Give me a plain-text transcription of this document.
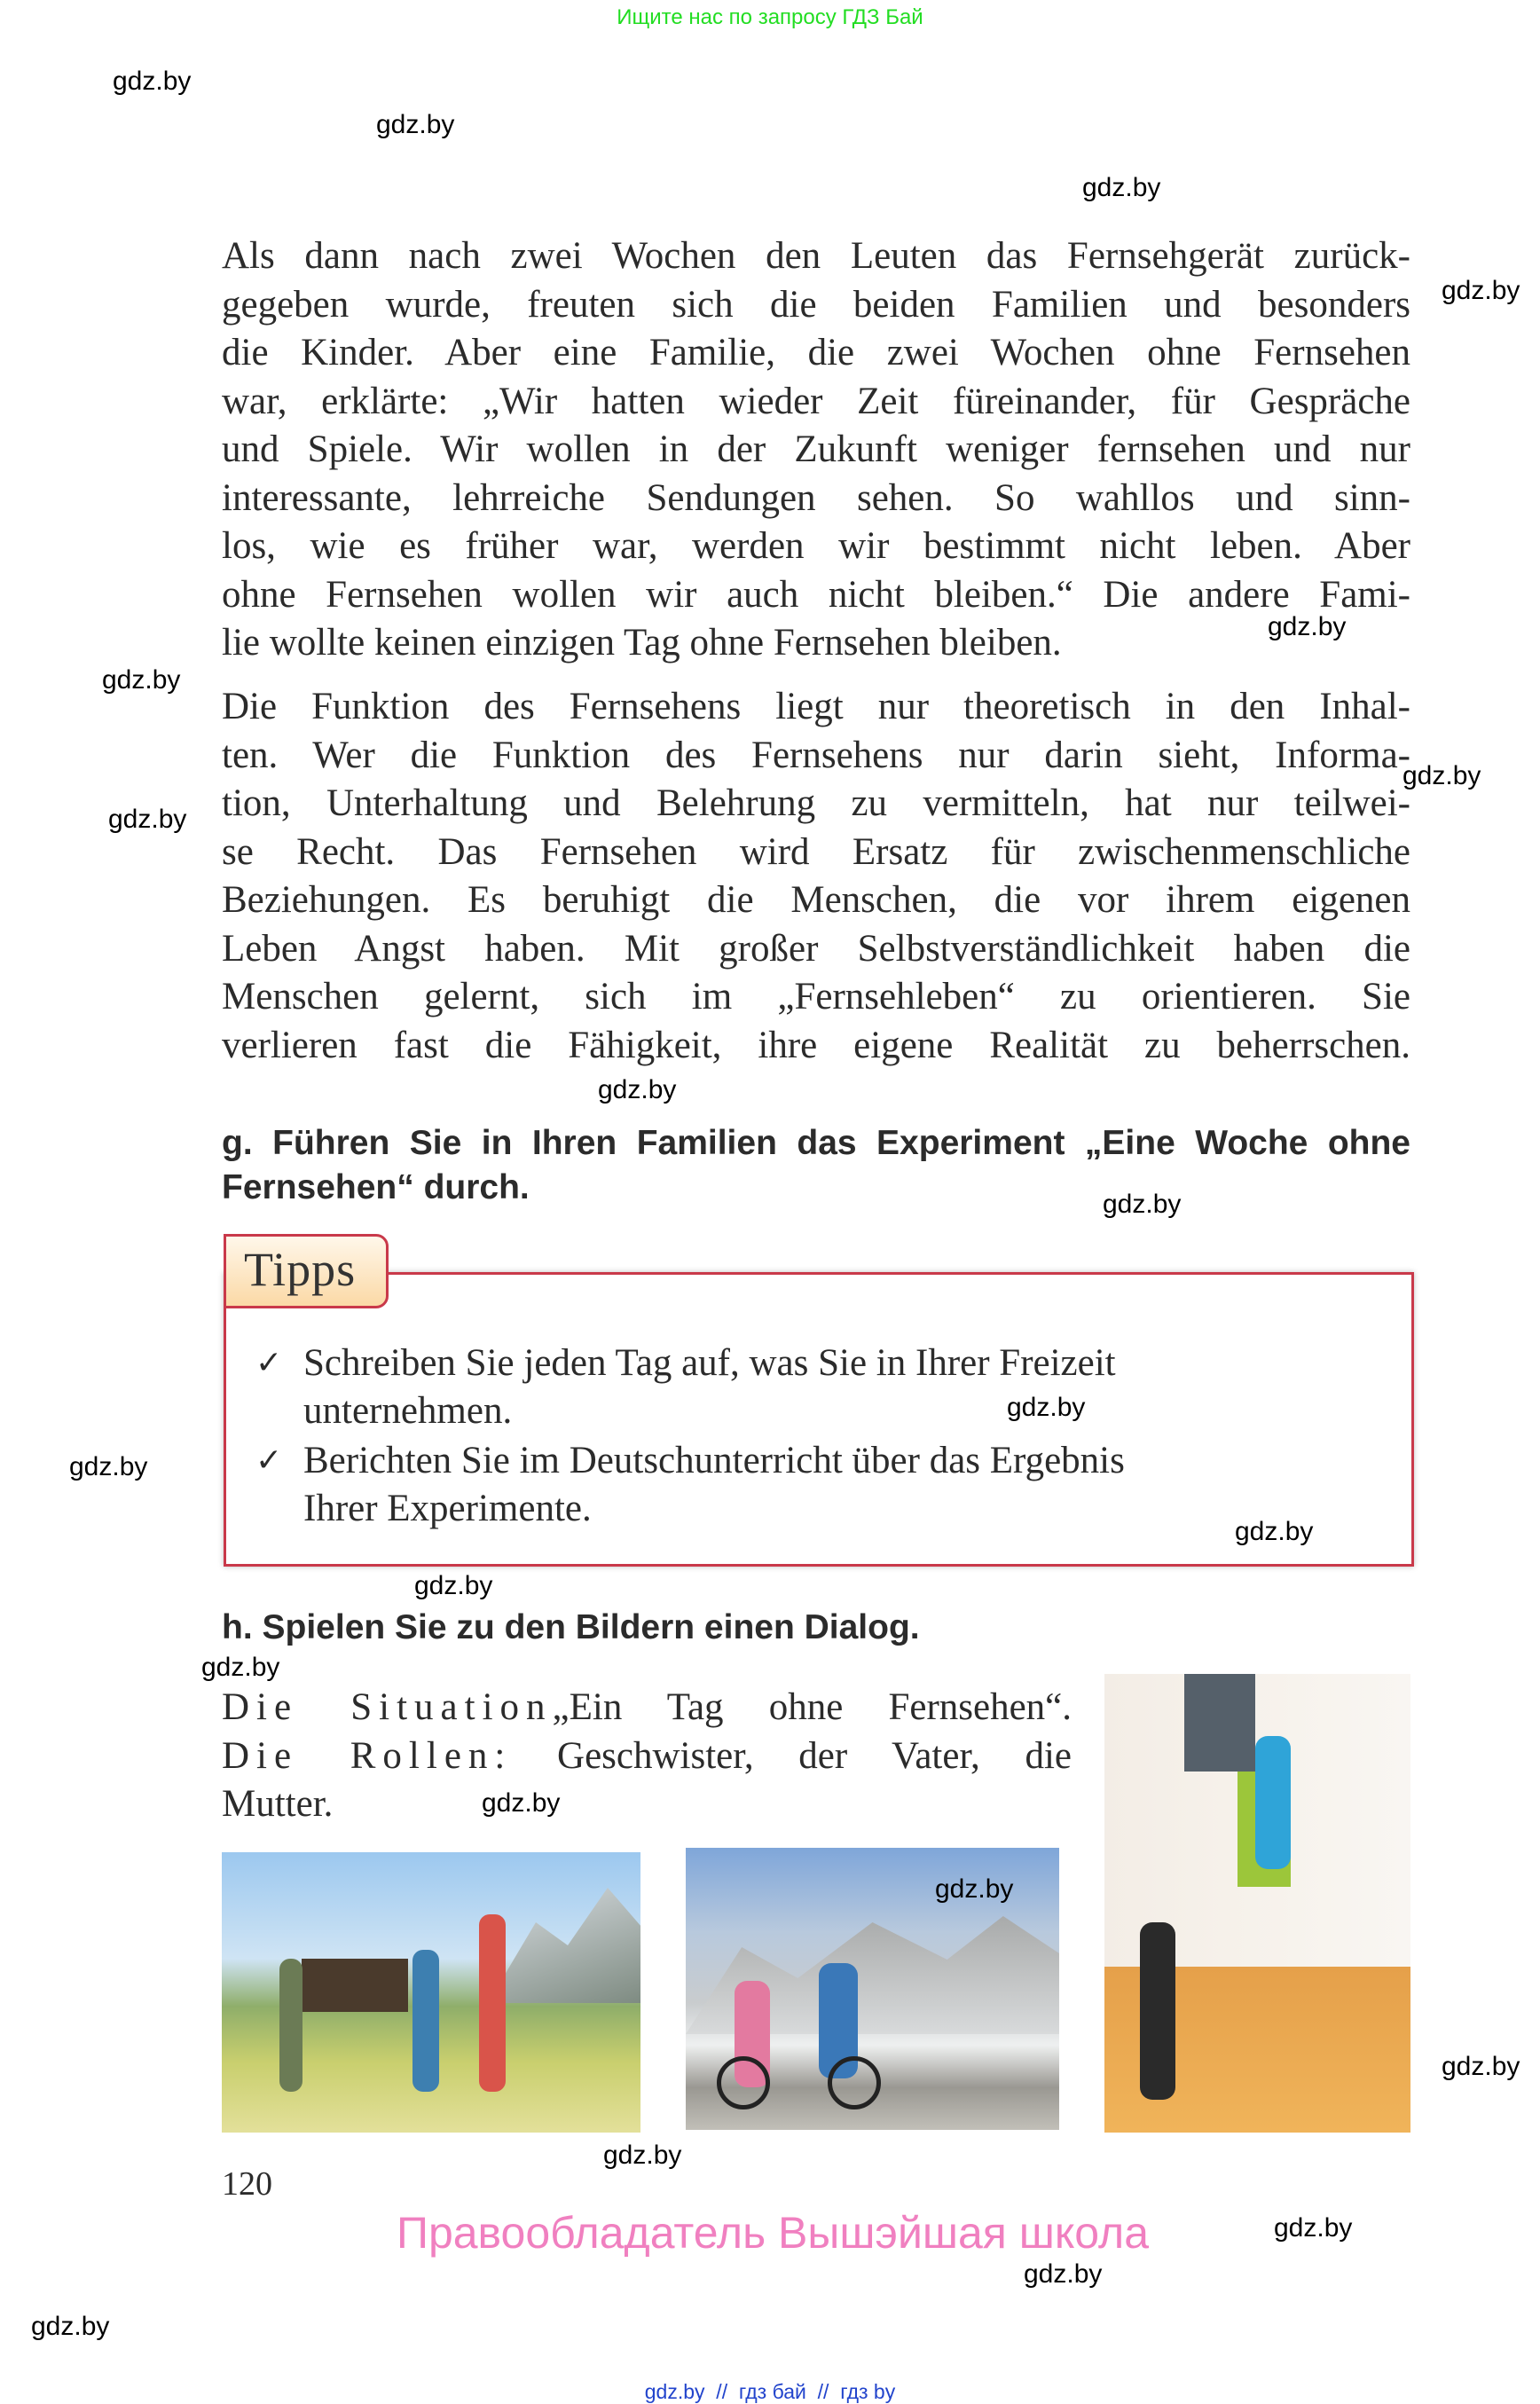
Ищите нас по запросу ГДЗ Бай
Als dann nach zwei Wochen den Leuten das Fernsehgerät zurück-
gegeben wurde, freuten sich die beiden Familien und besonders
die Kinder. Aber eine Familie, die zwei Wochen ohne Fernsehen
war, erklärte: „Wir hatten wieder Zeit füreinander, für Gespräche
und Spiele. Wir wollen in der Zukunft weniger fernsehen und nur
interessante, lehrreiche Sendungen sehen. So wahllos und sinn-
los, wie es früher war, werden wir bestimmt nicht leben. Aber
ohne Fernsehen wollen wir auch nicht bleiben.“ Die andere Fami-
lie wollte keinen einzigen Tag ohne Fernsehen bleiben.
Die Funktion des Fernsehens liegt nur theoretisch in den Inhal-
ten. Wer die Funktion des Fernsehens nur darin sieht, Informa-
tion, Unterhaltung und Belehrung zu vermitteln, hat nur teilwei-
se Recht. Das Fernsehen wird Ersatz für zwischenmenschliche
Beziehungen. Es beruhigt die Menschen, die vor ihrem eigenen
Leben Angst haben. Mit großer Selbstverständlichkeit haben die
Menschen gelernt, sich im „Fernsehleben“ zu orientieren. Sie
verlieren fast die Fähigkeit, ihre eigene Realität zu beherrschen.
g. Führen Sie in Ihren Familien das Experiment „Eine Woche ohne
Fernsehen“ durch.
Tipps
✓ Schreiben Sie jeden Tag auf, was Sie in Ihrer Freizeit
unternehmen.
✓ Berichten Sie im Deutschunterricht über das Ergebnis
Ihrer Experimente.
h. Spielen Sie zu den Bildern einen Dialog.
Die Situation„Ein Tag ohne Fernsehen“.
Die Rollen: Geschwister, der Vater, die
Mutter.
120
Правообладатель Вышэйшая школа
gdz.by  //  гдз бай  //  гдз by
gdz.by
gdz.by
gdz.by
gdz.by
gdz.by
gdz.by
gdz.by
gdz.by
gdz.by
gdz.by
gdz.by
gdz.by
gdz.by
gdz.by
gdz.by
gdz.by
gdz.by
gdz.by
gdz.by
gdz.by
gdz.by
gdz.by
